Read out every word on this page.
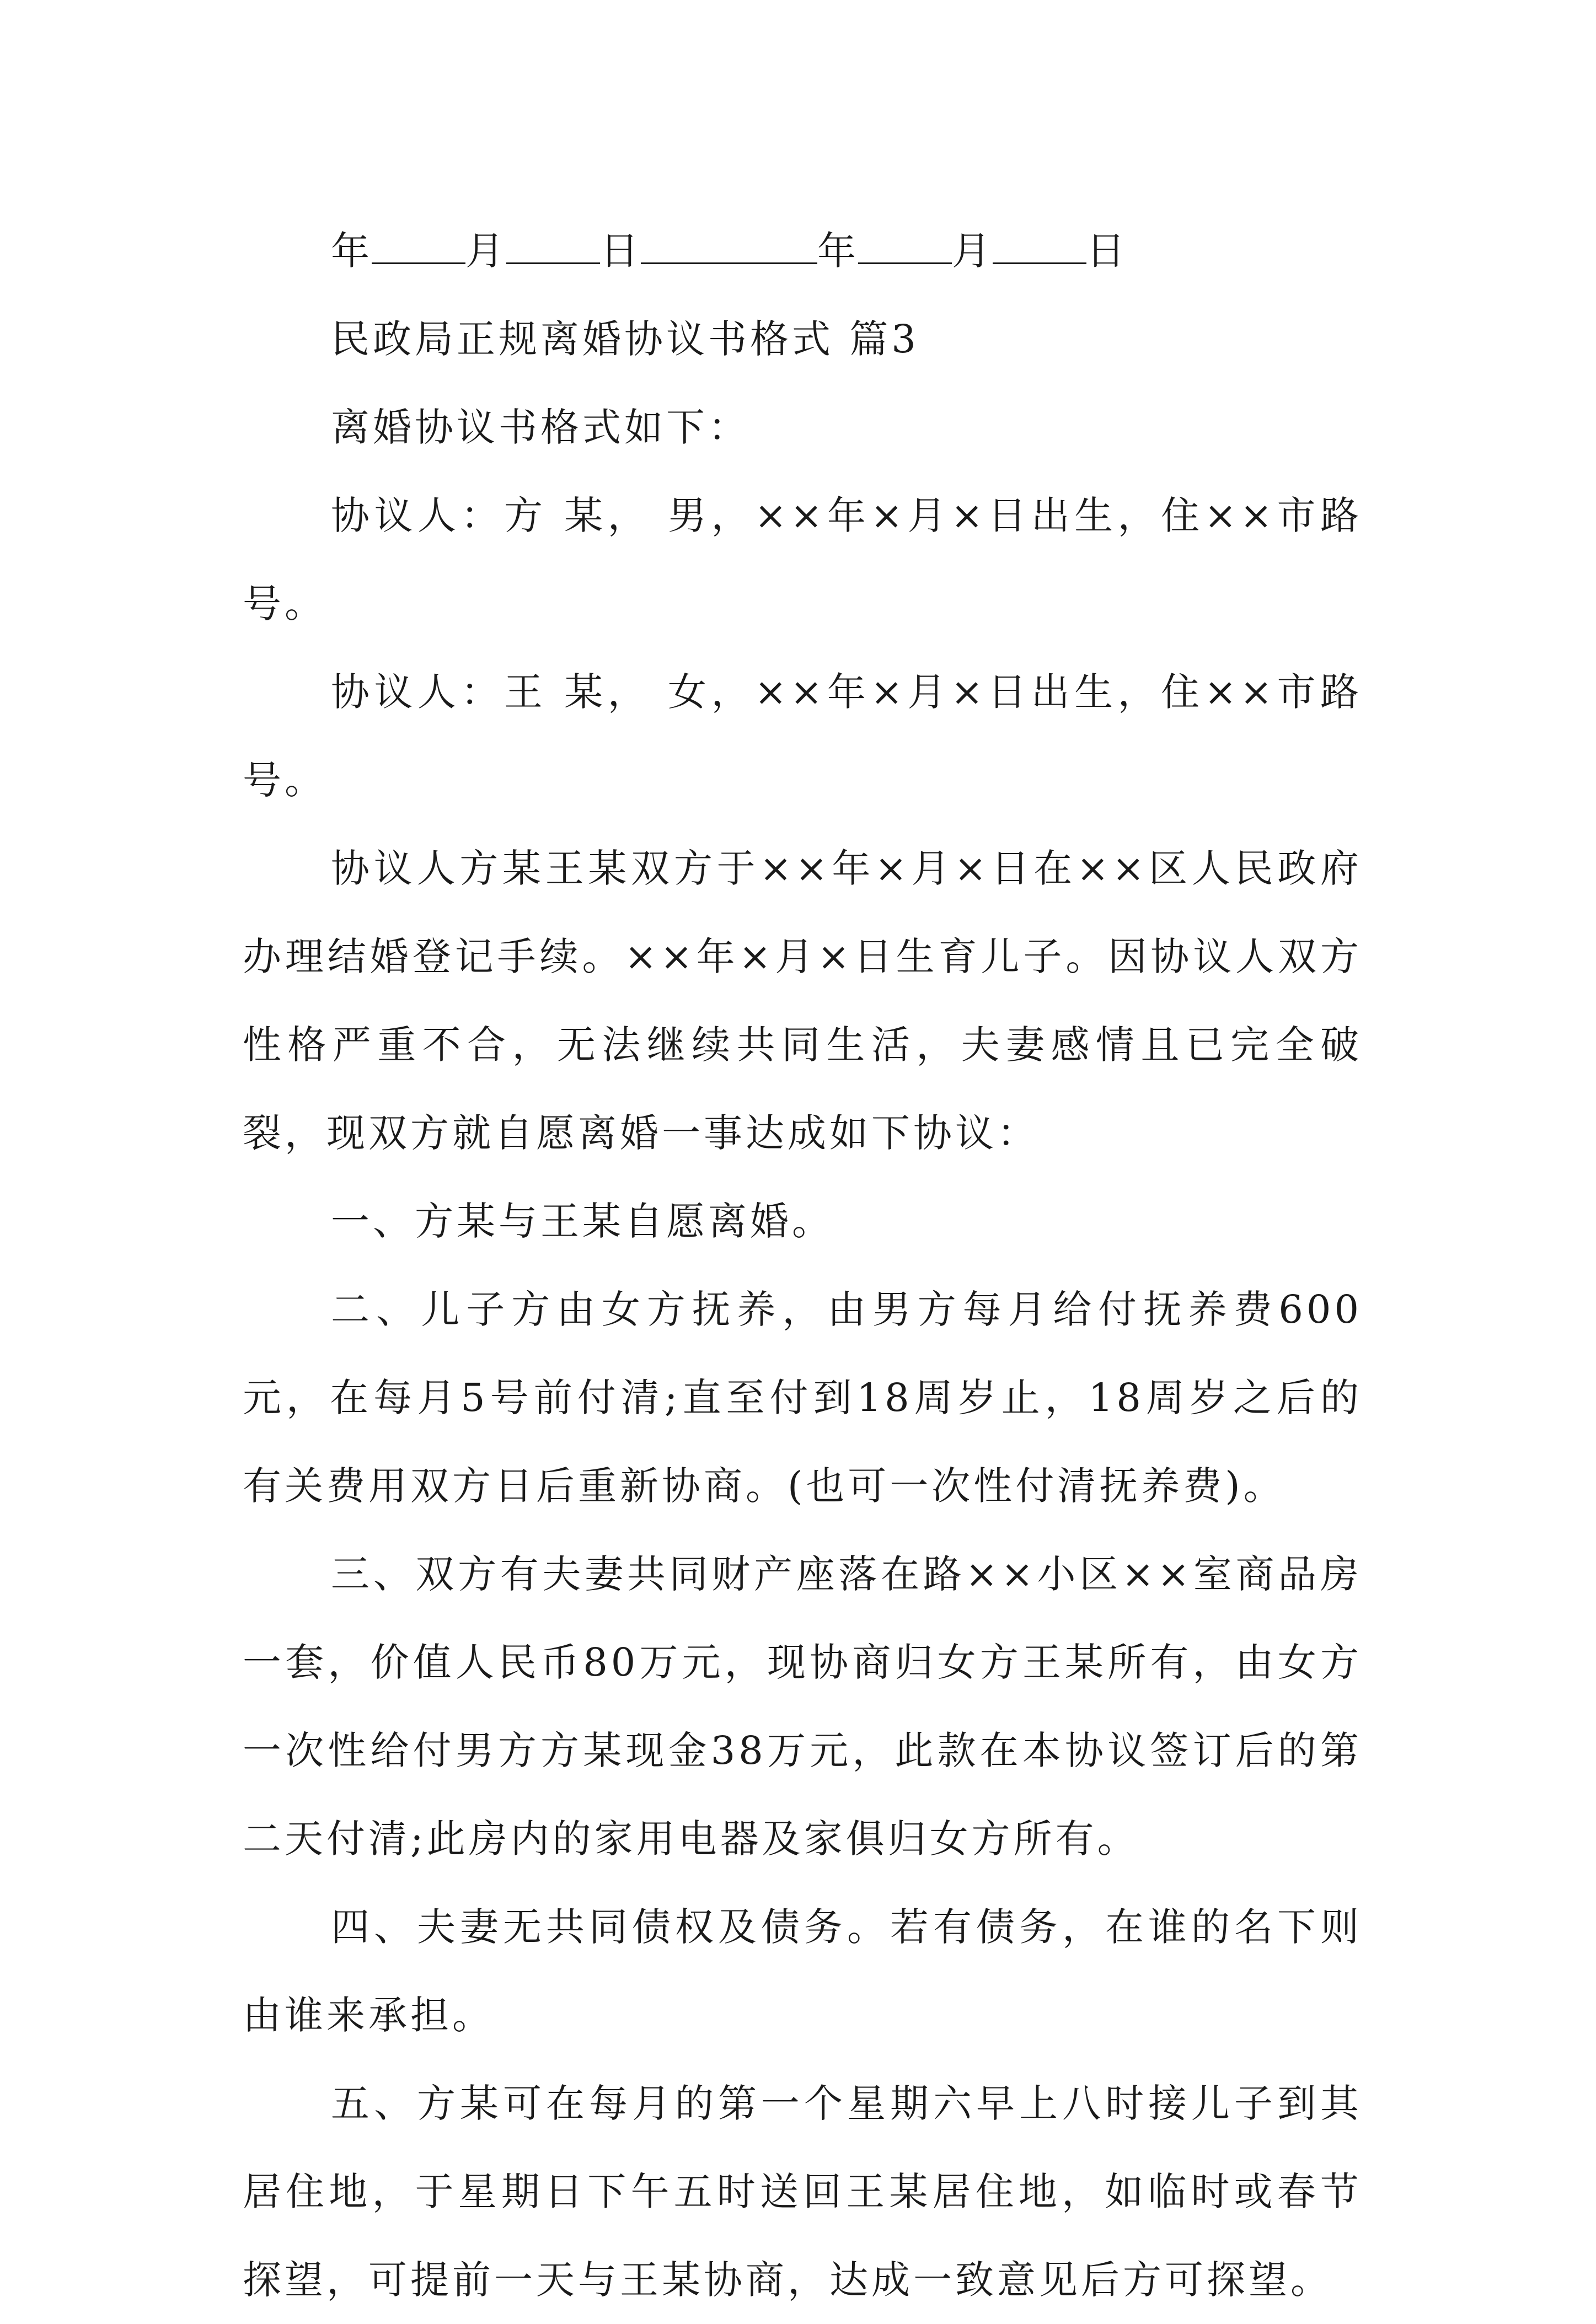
年 月 日	年 月 日

民政局正规离婚协议书格式 篇3

离婚协议书格式如下：

协议人：方 某， 男，××年×月×日出生，住××市路号。

协议人：王 某， 女，××年×月×日出生，住××市路号。

协议人方某王某双方于××年×月×日在××区人民政府办理结婚登记手续。××年×月×日生育儿子。因协议人双方性格严重不合，无法继续共同生活，夫妻感情且已完全破裂，现双方就自愿离婚一事达成如下协议：

一、方某与王某自愿离婚。

二、儿子方由女方抚养，由男方每月给付抚养费600元，在每月5号前付清;直至付到18周岁止，18周岁之后的有关费用双方日后重新协商。(也可一次性付清抚养费)。

三、双方有夫妻共同财产座落在路××小区××室商品房一套，价值人民币80万元，现协商归女方王某所有，由女方一次性给付男方方某现金38万元，此款在本协议签订后的第二天付清;此房内的家用电器及家俱归女方所有。

四、夫妻无共同债权及债务。若有债务，在谁的名下则由谁来承担。

五、方某可在每月的第一个星期六早上八时接儿子到其居住地，于星期日下午五时送回王某居住地，如临时或春节探望，可提前一天与王某协商，达成一致意见后方可探望。
